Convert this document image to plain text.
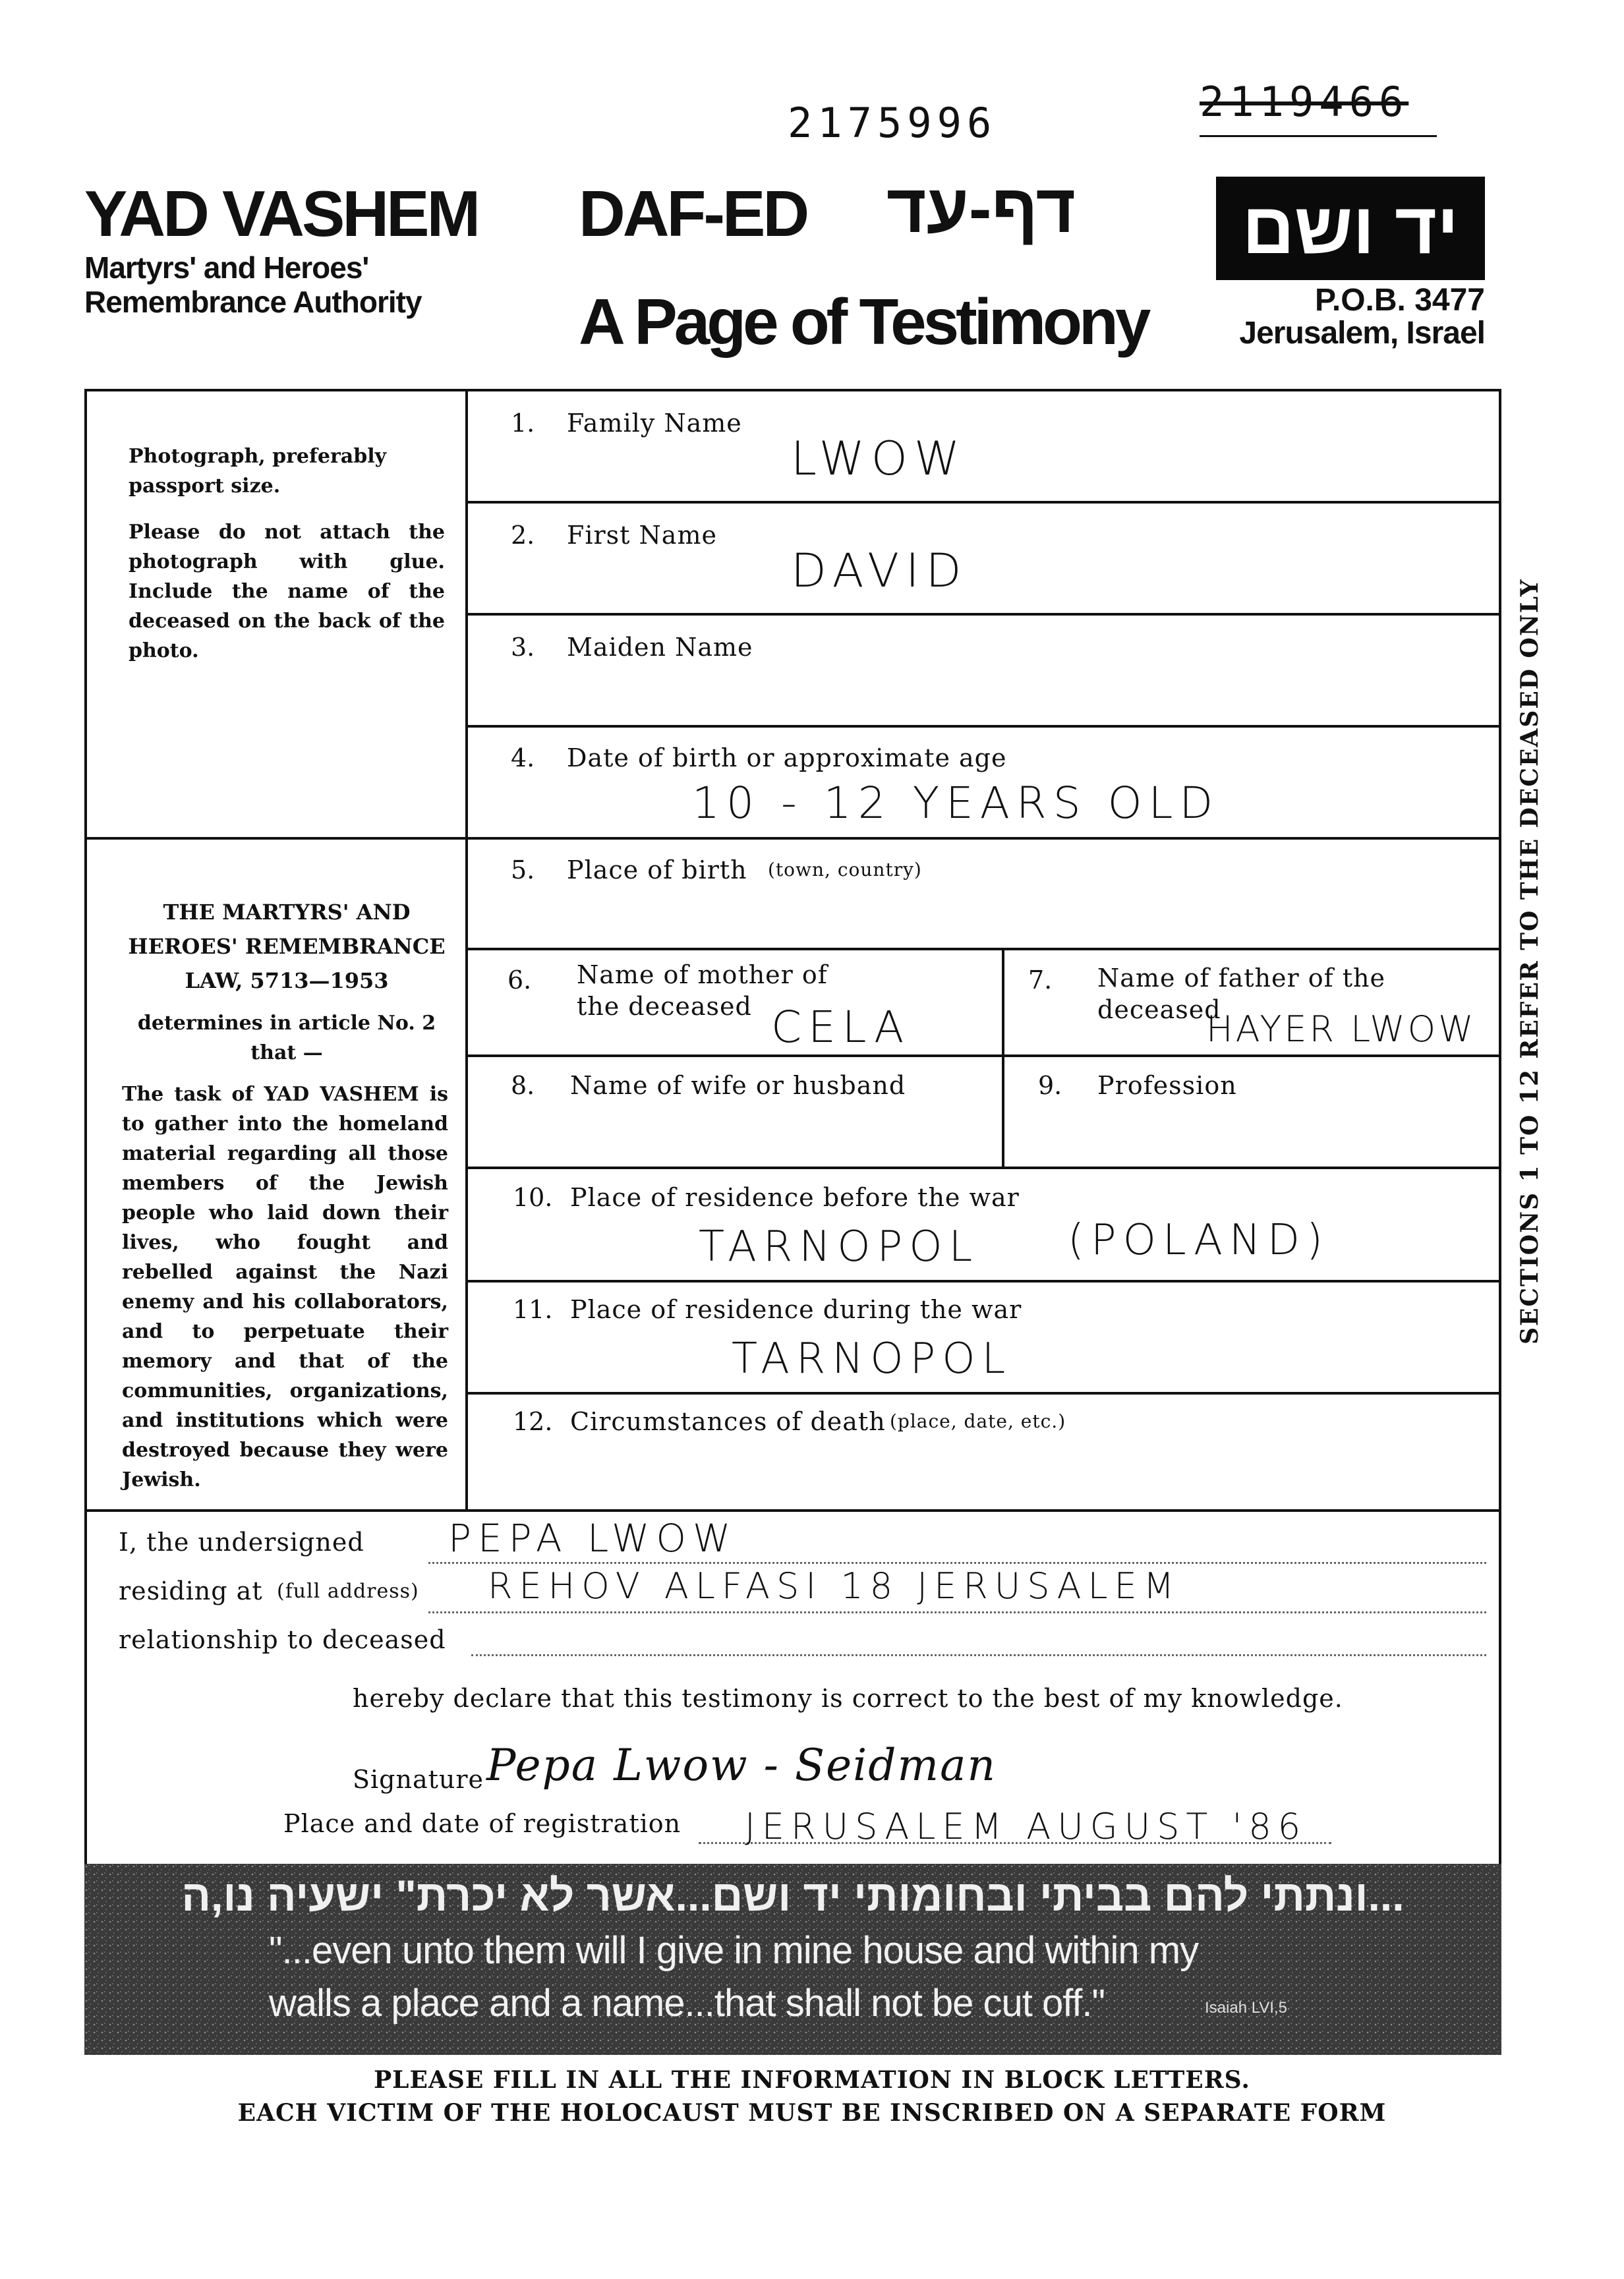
2175996	2119466
YAD VASHEM
Martyrs' and Heroes' Remembrance Authority
DAF-ED דף-עד
A Page of Testimony
יד ושם
P.O.B. 3477
Jerusalem, Israel
Photograph, preferably passport size.
Please do not attach the photograph with glue. Include the name of the deceased on the back of the photo.
THE MARTYRS' AND HEROES' REMEMBRANCE LAW, 5713—1953
determines in article No. 2 that —
The task of YAD VASHEM is to gather into the homeland material regarding all those members of the Jewish people who laid down their lives, who fought and rebelled against the Nazi enemy and his collaborators, and to perpetuate their memory and that of the communities, organizations, and institutions which were destroyed because they were Jewish.
1. Family Name
LWOW
2. First Name
DAVID
3. Maiden Name
4. Date of birth or approximate age
10 - 12 YEARS OLD
5. Place of birth (town, country)
6. Name of mother of the deceased CELA
7. Name of father of the deceased
HAYER LWOW
8. Name of wife or husband	9. Profession
10. Place of residence before the war
TARNOPOL (POLAND)
11. Place of residence during the war
TARNOPOL
12. Circumstances of death (place, date, etc.)
SECTIONS 1 TO 12 REFER TO THE DECEASED ONLY
I, the undersigned PEPA LWOW
residing at (full address) REHOV ALFASI 18 JERUSALEM
relationship to deceased
hereby declare that this testimony is correct to the best of my knowledge.
Signature Pepa Lwow - Seidman
Place and date of registration JERUSALEM AUGUST '86
...ונתתי להם בביתי ובחומותי יד ושם...אשר לא יכרת" ישעיה נו,ה
"...even unto them will I give in mine house and within my
walls a place and a name...that shall not be cut off."	Isaiah LVI,5
PLEASE FILL IN ALL THE INFORMATION IN BLOCK LETTERS.
EACH VICTIM OF THE HOLOCAUST MUST BE INSCRIBED ON A SEPARATE FORM
